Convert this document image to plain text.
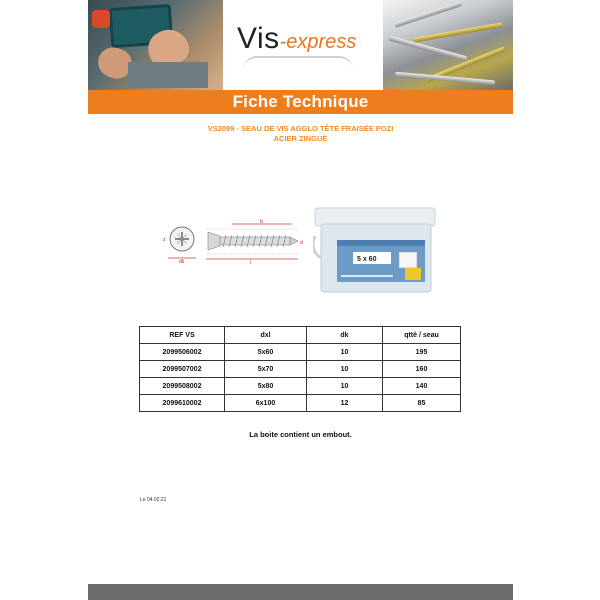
Vis-express
Fiche Technique
VS2099 - SEAU DE VIS AGGLO TÊTE FRAISÉE POZI
ACIER ZINGUÉ
dk
z
b
l
d
5 x 60
REF VS	dxl	dk	qtté / seau
2099506002	5x60	10	195
2099507002	5x70	10	160
2099508002	5x80	10	140
2099610002	6x100	12	85
La boite contient un embout.
Le 04.02.21
